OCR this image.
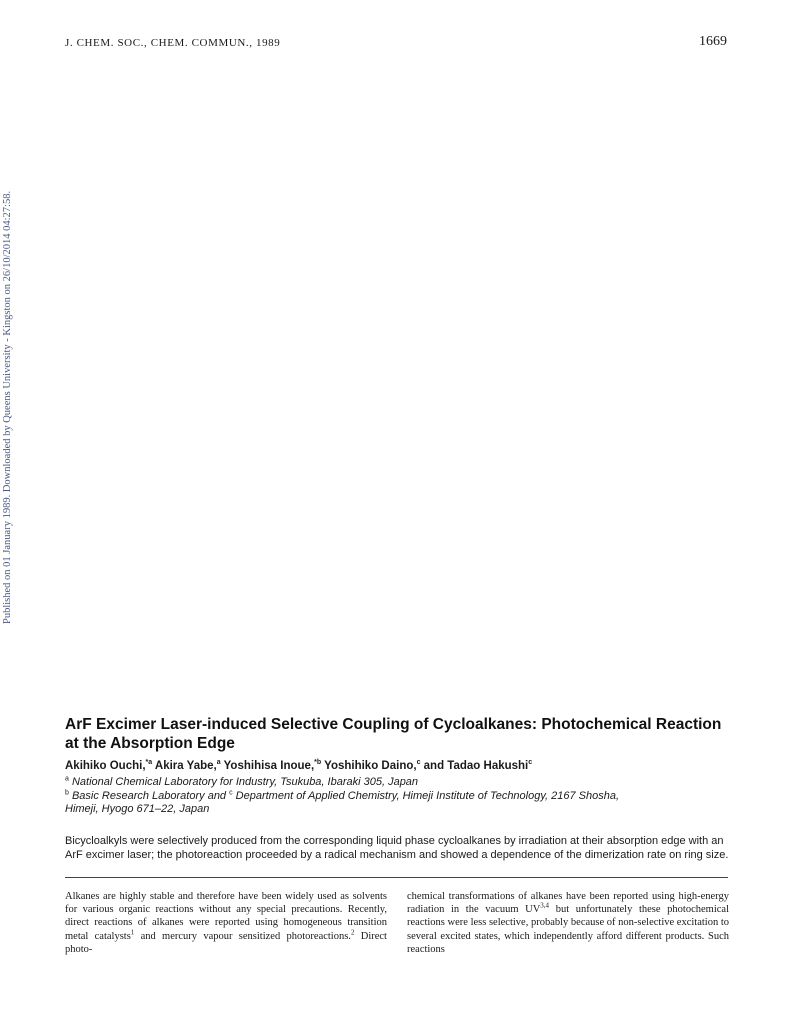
J. CHEM. SOC., CHEM. COMMUN., 1989	1669
Published on 01 January 1989. Downloaded by Queens University - Kingston on 26/10/2014 04:27:58.
ArF Excimer Laser-induced Selective Coupling of Cycloalkanes: Photochemical Reaction at the Absorption Edge

Akihiko Ouchi,$^{*a}$ Akira Yabe,$^a$ Yoshihisa Inoue,$^{*b}$ Yoshihiko Daino,$^c$ and Tadao Hakushi$^c$

$^a$ National Chemical Laboratory for Industry, Tsukuba, Ibaraki 305, Japan

$^b$ Basic Research Laboratory and $^c$ Department of Applied Chemistry, Himeji Institute of Technology, 2167 Shosha,

Himeji, Hyogo 671–22, Japan

Bicycloalkyls were selectively produced from the corresponding liquid phase cycloalkanes by irradiation at their absorption edge with an ArF excimer laser; the photoreaction proceeded by a radical mechanism and showed a dependence of the dimerization rate on ring size.

Alkanes are highly stable and therefore have been widely used as solvents for various organic reactions without any special precautions. Recently, direct reactions of alkanes were reported using homogeneous transition metal catalysts$^1$ and mercury vapour sensitized photoreactions.$^2$ Direct photo-

chemical transformations of alkanes have been reported using high-energy radiation in the vacuum UV$^{3,4}$ but unfortunately these photochemical reactions were less selective, probably because of non-selective excitation to several excited states, which independently afford different products. Such reactions
